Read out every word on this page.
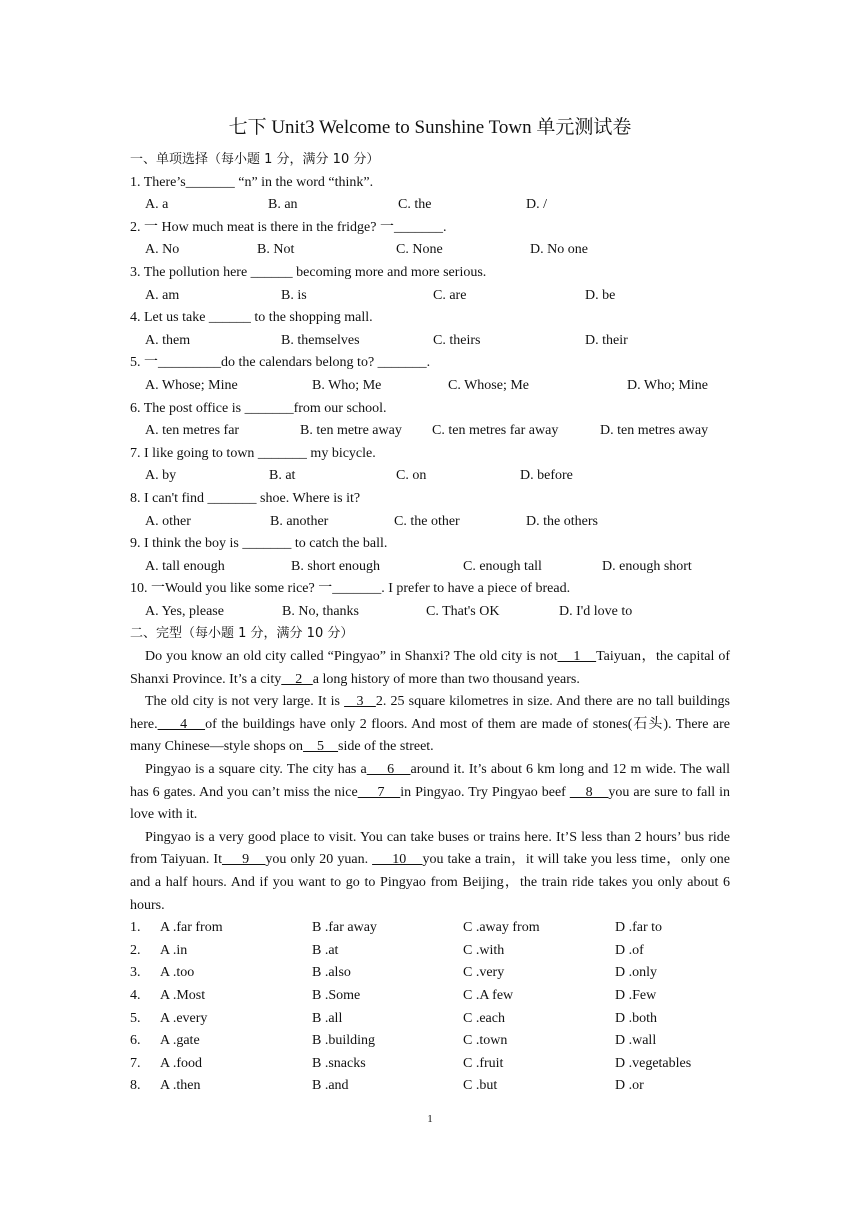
七下 Unit3 Welcome to Sunshine Town 单元测试卷
一、单项选择（每小题 1 分，满分 10 分）
1. There’s_______ “n” in the word “think”.
A. a	B. an	C. the	D. /
2. 一 How much meat is there in the fridge? 一_______.
A. No	B. Not	C. None	D. No one
3. The pollution here ______ becoming more and more serious.
A. am	B. is	C. are	D. be
4. Let us take ______ to the shopping mall.
A. them	B. themselves	C. theirs	D. their
5. 一_________do the calendars belong to? _______.
A. Whose; Mine	B. Who; Me	C. Whose; Me	D. Who; Mine
6. The post office is _______from our school.
A. ten metres far	B. ten metre away C. ten metres far away	D. ten metres away
7. I like going to town _______ my bicycle.
A. by	B. at	C. on	D. before
8. I can't find _______ shoe. Where is it?
A. other	B. another	C. the other	D. the others
9. I think the boy is _______ to catch the ball.
A. tall enough	B. short enough	C. enough tall	D. enough short
10. 一Would you like some rice? 一_______. I prefer to have a piece of bread.
A. Yes, please	B. No, thanks	C. That's OK	D. I'd love to
二、完型（每小题 1 分，满分 10 分）

Do you know an old city called “Pingyao” in Shanxi? The old city is not    1    Taiyuan，the capital of Shanxi Province. It’s a city    2   a long history of more than two thousand years.

The old city is not very large. It is    3   2. 25 square kilometres in size. And there are no tall buildings here.     4    of the buildings have only 2 floors. And most of them are made of stones(石头). There are many Chinese—style shops on    5    side of the street.

Pingyao is a square city. The city has a     6    around it. It’s about 6 km long and 12 m wide. The wall has 6 gates. And you can’t miss the nice     7    in Pingyao. Try Pingyao beef     8    you are sure to fall in love with it.

Pingyao is a very good place to visit. You can take buses or trains here. It’S less than 2 hours’ bus ride from Taiyuan. It     9    you only 20 yuan.      10    you take a train，it will take you less time，only one and a half hours. And if you want to go to Pingyao from Beijing，the train ride takes you only about 6 hours.

1. A .far from	B .far away	C .away from	D .far to
2. A .in	B .at	C .with	D .of
3. A .too	B .also	C .very	D .only
4. A .Most	B .Some	C .A few	D .Few
5. A .every	B .all	C .each	D .both
6. A .gate	B .building	C .town	D .wall
7. A .food	B .snacks	C .fruit	D .vegetables
8. A .then	B .and	C .but	D .or
1
